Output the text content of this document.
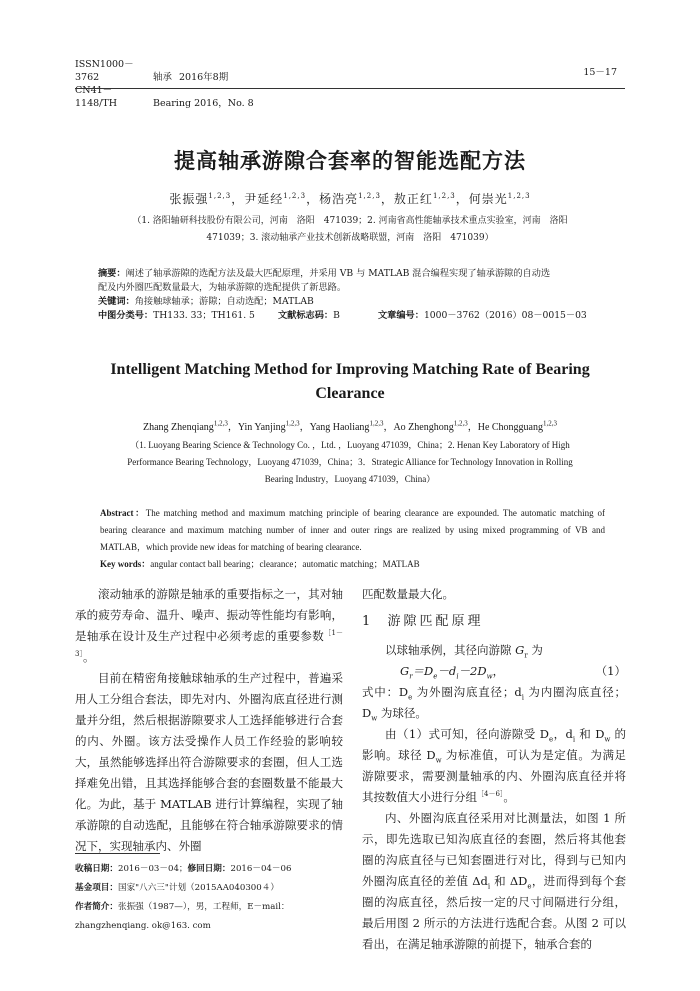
ISSN1000－3762	轴承 2016年8期
CN41－1148/TH	Bearing 2016，No. 8
15－17
提高轴承游隙合套率的智能选配方法
张振强$^{1,2,3}$，尹延经$^{1,2,3}$，杨浩亮$^{1,2,3}$，敖正红$^{1,2,3}$，何崇光$^{1,2,3}$
（1. 洛阳轴研科技股份有限公司，河南　洛阳　471039；2. 河南省高性能轴承技术重点实验室，河南　洛阳
471039；3. 滚动轴承产业技术创新战略联盟，河南　洛阳　471039）
摘要：阐述了轴承游隙的选配方法及最大匹配原理，并采用 VB 与 MATLAB 混合编程实现了轴承游隙的自动选
配及内外圈匹配数量最大，为轴承游隙的选配提供了新思路。
关键词：角接触球轴承；游隙；自动选配；MATLAB
中图分类号：TH133. 33；TH161. 5	文献标志码：B	文章编号：1000－3762（2016）08－0015－03
Intelligent Matching Method for Improving Matching Rate of Bearing Clearance
Zhang Zhenqiang$^{1,2,3}$，Yin Yanjing$^{1,2,3}$，Yang Haoliang$^{1,2,3}$，Ao Zhenghong$^{1,2,3}$，He Chongguang$^{1,2,3}$
（1. Luoyang Bearing Science & Technology Co. ，Ltd. ，Luoyang 471039，China；2. Henan Key Laboratory of High
Performance Bearing Technology，Luoyang 471039，China；3．Strategic Alliance for Technology Innovation in Rolling
Bearing Industry，Luoyang 471039，China）
Abstract：The matching method and maximum matching principle of bearing clearance are expounded. The automatic matching of bearing clearance and maximum matching number of inner and outer rings are realized by using mixed programming of VB and MATLAB，which provide new ideas for matching of bearing clearance.
Key words：angular contact ball bearing；clearance；automatic matching；MATLAB

滚动轴承的游隙是轴承的重要指标之一，其对轴承的疲劳寿命、温升、噪声、振动等性能均有影响，是轴承在设计及生产过程中必须考虑的重要参数$^{[1-3]}$。

目前在精密角接触球轴承的生产过程中，普遍采用人工分组合套法，即先对内、外圈沟底直径进行测量并分组，然后根据游隙要求人工选择能够进行合套的内、外圈。该方法受操作人员工作经验的影响较大，虽然能够选择出符合游隙要求的套圈，但人工选择难免出错，且其选择能够合套的套圈数量不能最大化。为此，基于 MATLAB 进行计算编程，实现了轴承游隙的自动选配，且能够在符合轴承游隙要求的情况下，实现轴承内、外圈

收稿日期：2016－03－04；修回日期：2016－04－06
基金项目：国家"八六三"计划（2015AA040300４）
作者简介：张振强（1987—），男，工程师，E－mail：
zhangzhenqiang. ok@163. com

匹配数量最大化。

1 游隙匹配原理

以球轴承例，其径向游隙 $G_r$ 为

$G_r=D_e-d_i-2D_w$，	（1）

式中：$D_e$ 为外圈沟底直径；$d_i$ 为内圈沟底直径；$D_w$ 为球径。

由（1）式可知，径向游隙受 $D_e$，$d_i$ 和 $D_w$ 的影响。球径 $D_w$ 为标准值，可认为是定值。为满足游隙要求，需要测量轴承的内、外圈沟底直径并将其按数值大小进行分组$^{[4-6]}$。

内、外圈沟底直径采用对比测量法，如图 1 所示，即先选取已知沟底直径的套圈，然后将其他套圈的沟底直径与已知套圈进行对比，得到与已知内外圈沟底直径的差值 $\Delta d_i$ 和 $\Delta D_e$，进而得到每个套圈的沟底直径，然后按一定的尺寸间隔进行分组，最后用图 2 所示的方法进行选配合套。从图 2 可以看出，在满足轴承游隙的前提下，轴承合套的
